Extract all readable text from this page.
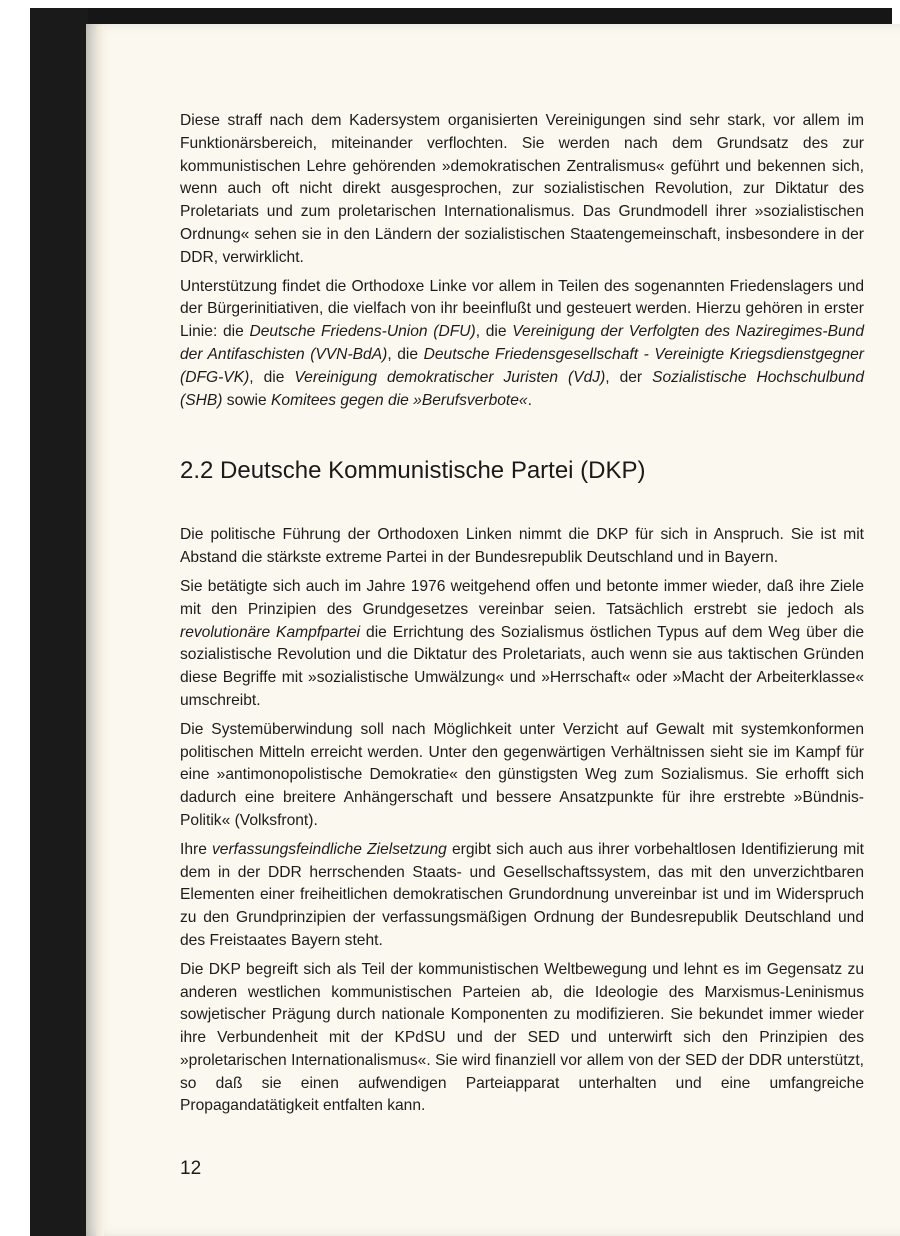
Diese straff nach dem Kadersystem organisierten Vereinigungen sind sehr stark, vor allem im Funktionärsbereich, miteinander verflochten. Sie werden nach dem Grundsatz des zur kommunistischen Lehre gehörenden »demokratischen Zentralismus« geführt und bekennen sich, wenn auch oft nicht direkt ausgesprochen, zur sozialistischen Revolution, zur Diktatur des Proletariats und zum proletarischen Internationalismus. Das Grundmodell ihrer »sozialistischen Ordnung« sehen sie in den Ländern der sozialistischen Staatengemeinschaft, insbesondere in der DDR, verwirklicht.

Unterstützung findet die Orthodoxe Linke vor allem in Teilen des sogenannten Friedenslagers und der Bürgerinitiativen, die vielfach von ihr beeinflußt und gesteuert werden. Hierzu gehören in erster Linie: die Deutsche Friedens-Union (DFU), die Vereinigung der Verfolgten des Naziregimes-Bund der Antifaschisten (VVN-BdA), die Deutsche Friedensgesellschaft - Vereinigte Kriegsdienstgegner (DFG-VK), die Vereinigung demokratischer Juristen (VdJ), der Sozialistische Hochschulbund (SHB) sowie Komitees gegen die »Berufsverbote«.

2.2 Deutsche Kommunistische Partei (DKP)

Die politische Führung der Orthodoxen Linken nimmt die DKP für sich in Anspruch. Sie ist mit Abstand die stärkste extreme Partei in der Bundesrepublik Deutschland und in Bayern.

Sie betätigte sich auch im Jahre 1976 weitgehend offen und betonte immer wieder, daß ihre Ziele mit den Prinzipien des Grundgesetzes vereinbar seien. Tatsächlich erstrebt sie jedoch als revolutionäre Kampfpartei die Errichtung des Sozialismus östlichen Typus auf dem Weg über die sozialistische Revolution und die Diktatur des Proletariats, auch wenn sie aus taktischen Gründen diese Begriffe mit »sozialistische Umwälzung« und »Herrschaft« oder »Macht der Arbeiterklasse« umschreibt.

Die Systemüberwindung soll nach Möglichkeit unter Verzicht auf Gewalt mit systemkonformen politischen Mitteln erreicht werden. Unter den gegenwärtigen Verhältnissen sieht sie im Kampf für eine »antimonopolistische Demokratie« den günstigsten Weg zum Sozialismus. Sie erhofft sich dadurch eine breitere Anhängerschaft und bessere Ansatzpunkte für ihre erstrebte »Bündnis-Politik« (Volksfront).

Ihre verfassungsfeindliche Zielsetzung ergibt sich auch aus ihrer vorbehaltlosen Identifizierung mit dem in der DDR herrschenden Staats- und Gesellschaftssystem, das mit den unverzichtbaren Elementen einer freiheitlichen demokratischen Grundordnung unvereinbar ist und im Widerspruch zu den Grundprinzipien der verfassungsmäßigen Ordnung der Bundesrepublik Deutschland und des Freistaates Bayern steht.

Die DKP begreift sich als Teil der kommunistischen Weltbewegung und lehnt es im Gegensatz zu anderen westlichen kommunistischen Parteien ab, die Ideologie des Marxismus-Leninismus sowjetischer Prägung durch nationale Komponenten zu modifizieren. Sie bekundet immer wieder ihre Verbundenheit mit der KPdSU und der SED und unterwirft sich den Prinzipien des »proletarischen Internationalismus«. Sie wird finanziell vor allem von der SED der DDR unterstützt, so daß sie einen aufwendigen Parteiapparat unterhalten und eine umfangreiche Propagandatätigkeit entfalten kann.

12
